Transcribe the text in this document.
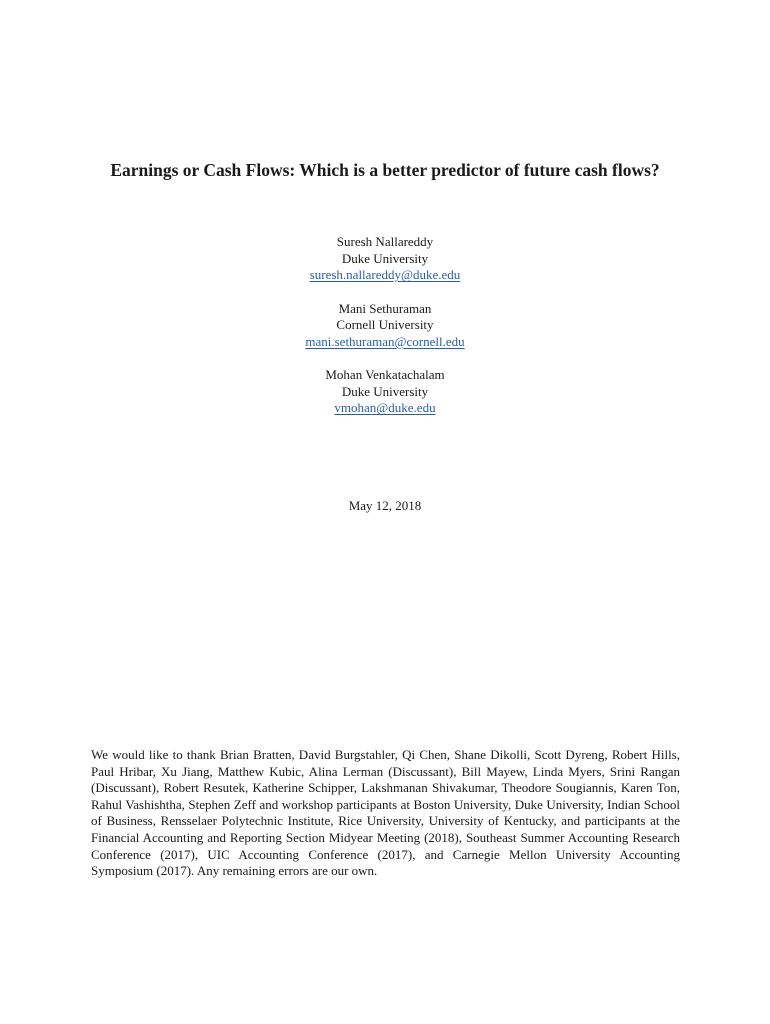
Earnings or Cash Flows: Which is a better predictor of future cash flows?
Suresh Nallareddy
Duke University
suresh.nallareddy@duke.edu
Mani Sethuraman
Cornell University
mani.sethuraman@cornell.edu
Mohan Venkatachalam
Duke University
vmohan@duke.edu
May 12, 2018
We would like to thank Brian Bratten, David Burgstahler, Qi Chen, Shane Dikolli, Scott Dyreng, Robert Hills, Paul Hribar, Xu Jiang, Matthew Kubic, Alina Lerman (Discussant), Bill Mayew, Linda Myers, Srini Rangan (Discussant), Robert Resutek, Katherine Schipper, Lakshmanan Shivakumar, Theodore Sougiannis, Karen Ton, Rahul Vashishtha, Stephen Zeff and workshop participants at Boston University, Duke University, Indian School of Business, Rensselaer Polytechnic Institute, Rice University, University of Kentucky, and participants at the Financial Accounting and Reporting Section Midyear Meeting (2018), Southeast Summer Accounting Research Conference (2017), UIC Accounting Conference (2017), and Carnegie Mellon University Accounting Symposium (2017). Any remaining errors are our own.
